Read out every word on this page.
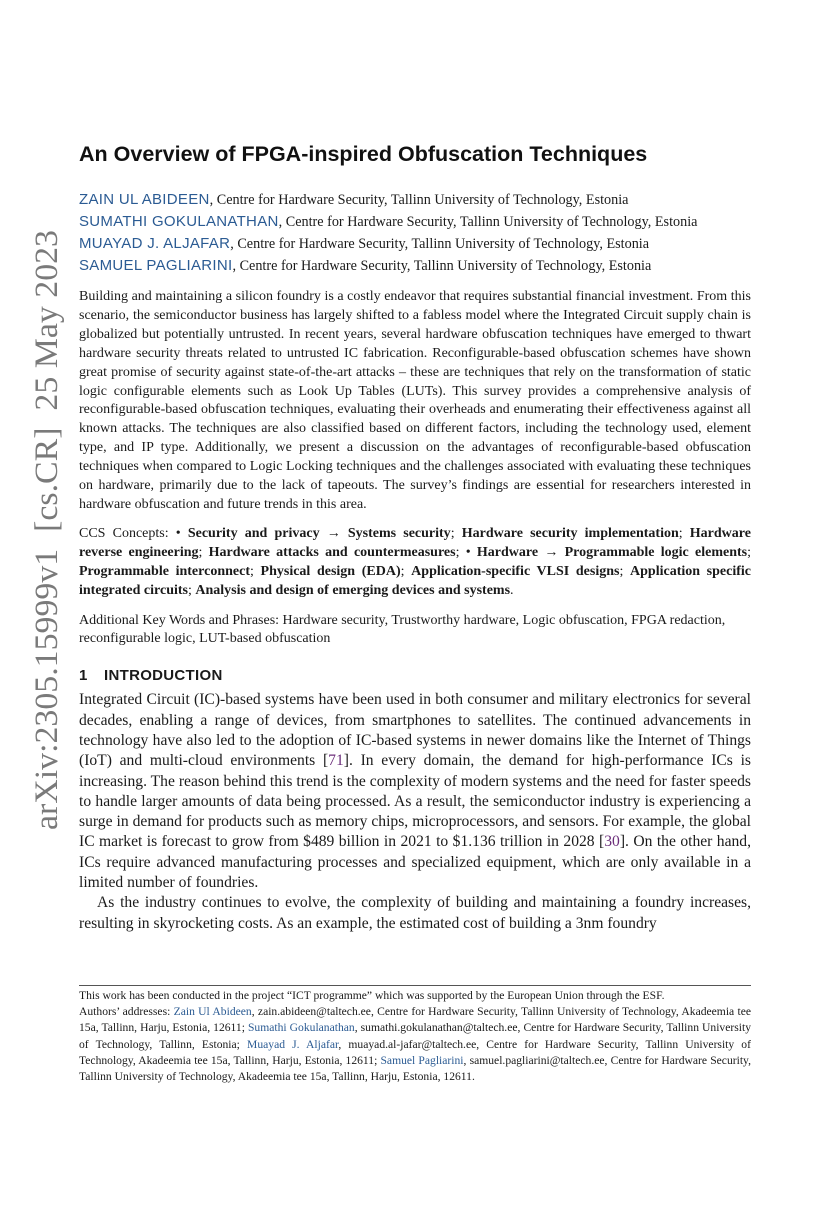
arXiv:2305.15999v1  [cs.CR]  25 May 2023
An Overview of FPGA-inspired Obfuscation Techniques
ZAIN UL ABIDEEN, Centre for Hardware Security, Tallinn University of Technology, Estonia
SUMATHI GOKULANATHAN, Centre for Hardware Security, Tallinn University of Technology, Estonia
MUAYAD J. ALJAFAR, Centre for Hardware Security, Tallinn University of Technology, Estonia
SAMUEL PAGLIARINI, Centre for Hardware Security, Tallinn University of Technology, Estonia

Building and maintaining a silicon foundry is a costly endeavor that requires substantial financial investment. From this scenario, the semiconductor business has largely shifted to a fabless model where the Integrated Circuit supply chain is globalized but potentially untrusted. In recent years, several hardware obfuscation techniques have emerged to thwart hardware security threats related to untrusted IC fabrication. Reconfigurable-based obfuscation schemes have shown great promise of security against state-of-the-art attacks – these are techniques that rely on the transformation of static logic configurable elements such as Look Up Tables (LUTs). This survey provides a comprehensive analysis of reconfigurable-based obfuscation techniques, evaluating their overheads and enumerating their effectiveness against all known attacks. The techniques are also classified based on different factors, including the technology used, element type, and IP type. Additionally, we present a discussion on the advantages of reconfigurable-based obfuscation techniques when compared to Logic Locking techniques and the challenges associated with evaluating these techniques on hardware, primarily due to the lack of tapeouts. The survey’s findings are essential for researchers interested in hardware obfuscation and future trends in this area.

CCS Concepts: • Security and privacy → Systems security; Hardware security implementation; Hardware reverse engineering; Hardware attacks and countermeasures; • Hardware → Programmable logic elements; Programmable interconnect; Physical design (EDA); Application-specific VLSI designs; Application specific integrated circuits; Analysis and design of emerging devices and systems.

Additional Key Words and Phrases: Hardware security, Trustworthy hardware, Logic obfuscation, FPGA redaction, reconfigurable logic, LUT-based obfuscation

1 INTRODUCTION

Integrated Circuit (IC)-based systems have been used in both consumer and military electronics for several decades, enabling a range of devices, from smartphones to satellites. The continued advancements in technology have also led to the adoption of IC-based systems in newer domains like the Internet of Things (IoT) and multi-cloud environments [71]. In every domain, the demand for high-performance ICs is increasing. The reason behind this trend is the complexity of modern systems and the need for faster speeds to handle larger amounts of data being processed. As a result, the semiconductor industry is experiencing a surge in demand for products such as memory chips, microprocessors, and sensors. For example, the global IC market is forecast to grow from $489 billion in 2021 to $1.136 trillion in 2028 [30]. On the other hand, ICs require advanced manufacturing processes and specialized equipment, which are only available in a limited number of foundries.

As the industry continues to evolve, the complexity of building and maintaining a foundry increases, resulting in skyrocketing costs. As an example, the estimated cost of building a 3nm foundry

This work has been conducted in the project “ICT programme” which was supported by the European Union through the ESF.

Authors’ addresses: Zain Ul Abideen, zain.abideen@taltech.ee, Centre for Hardware Security, Tallinn University of Technology, Akadeemia tee 15a, Tallinn, Harju, Estonia, 12611; Sumathi Gokulanathan, sumathi.gokulanathan@taltech.ee, Centre for Hardware Security, Tallinn University of Technology, Tallinn, Estonia; Muayad J. Aljafar, muayad.al-jafar@taltech.ee, Centre for Hardware Security, Tallinn University of Technology, Akadeemia tee 15a, Tallinn, Harju, Estonia, 12611; Samuel Pagliarini, samuel.pagliarini@taltech.ee, Centre for Hardware Security, Tallinn University of Technology, Akadeemia tee 15a, Tallinn, Harju, Estonia, 12611.
